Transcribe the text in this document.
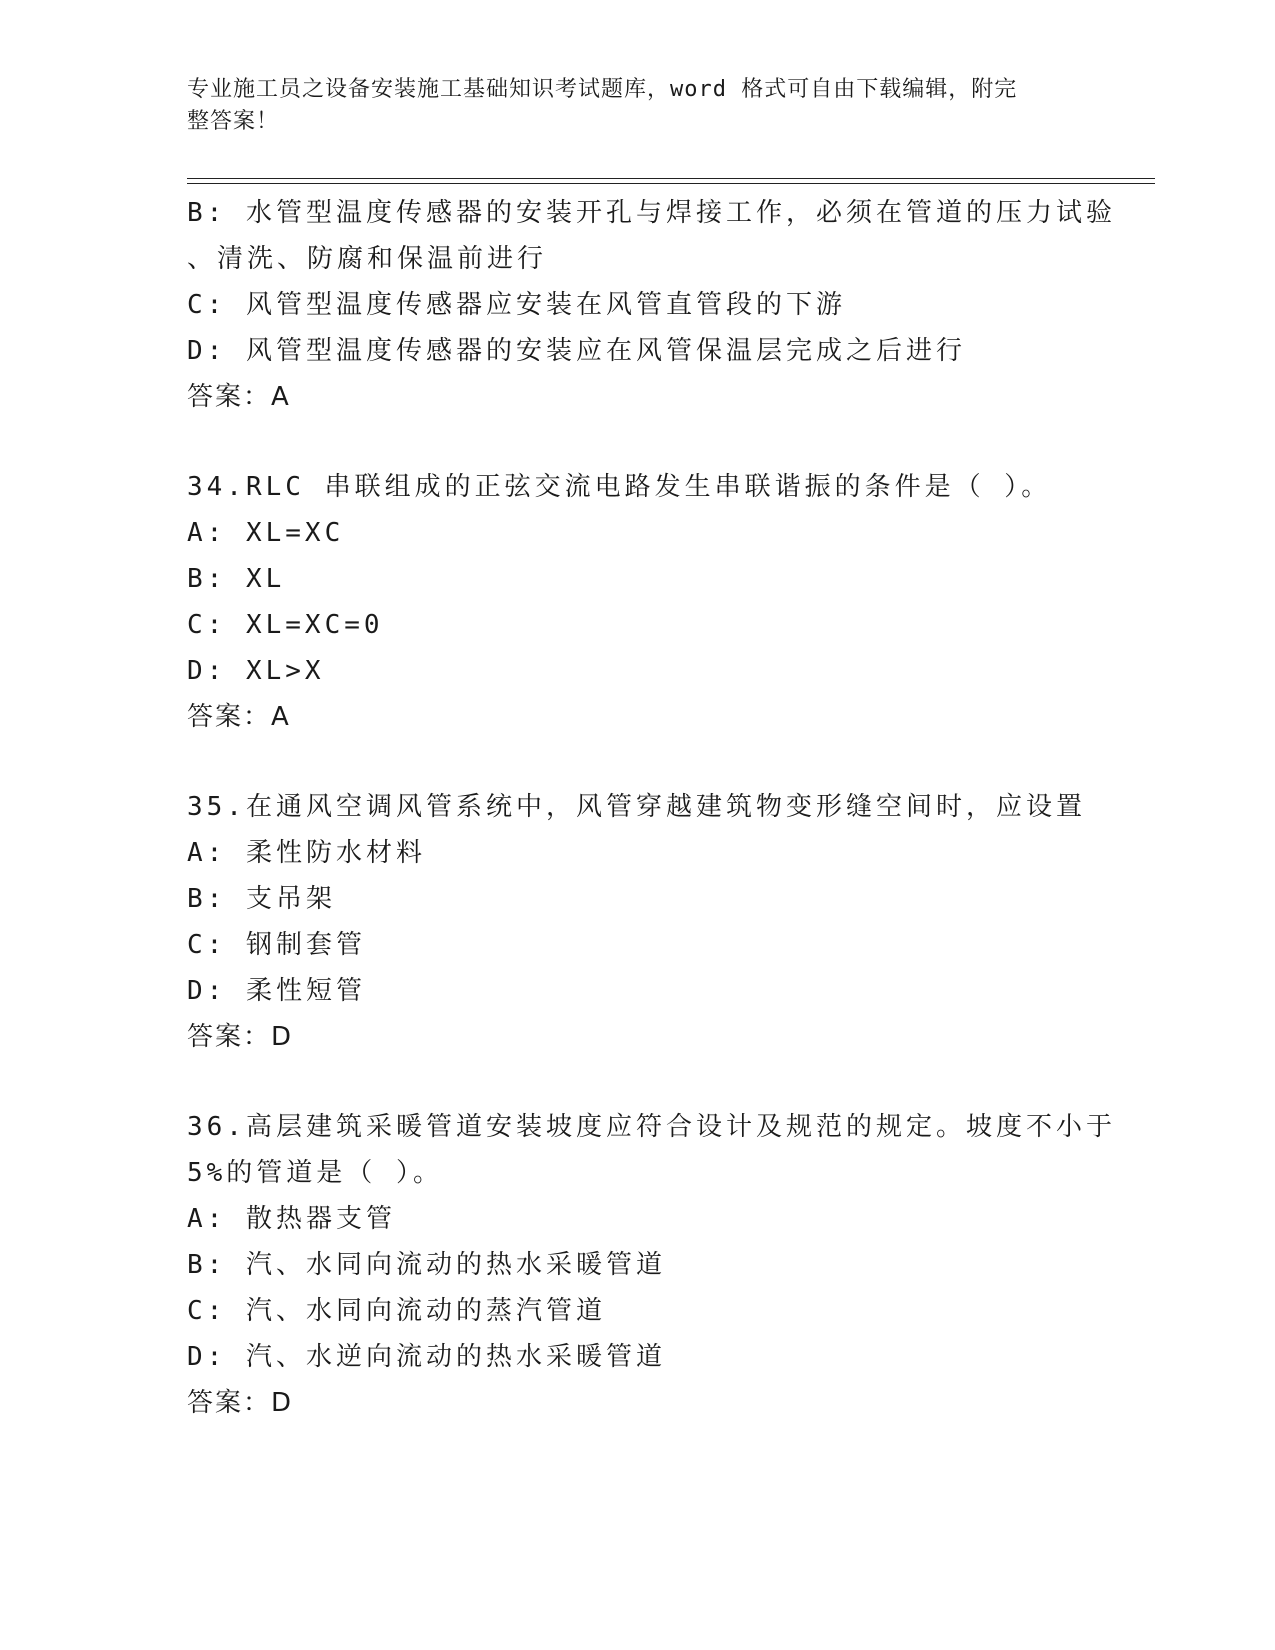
专业施工员之设备安装施工基础知识考试题库，word 格式可自由下载编辑，附完
整答案！
B: 水管型温度传感器的安装开孔与焊接工作，必须在管道的压力试验
、清洗、防腐和保温前进行
C: 风管型温度传感器应安装在风管直管段的下游
D: 风管型温度传感器的安装应在风管保温层完成之后进行
答案：A
34.RLC 串联组成的正弦交流电路发生串联谐振的条件是（ ）。
A: XL=XC
B: XL
C: XL=XC=0
D: XL>X
答案：A
35.在通风空调风管系统中，风管穿越建筑物变形缝空间时，应设置
A: 柔性防水材料
B: 支吊架
C: 钢制套管
D: 柔性短管
答案：D
36.高层建筑采暖管道安装坡度应符合设计及规范的规定。坡度不小于
5%的管道是（ ）。
A: 散热器支管
B: 汽、水同向流动的热水采暖管道
C: 汽、水同向流动的蒸汽管道
D: 汽、水逆向流动的热水采暖管道
答案：D
